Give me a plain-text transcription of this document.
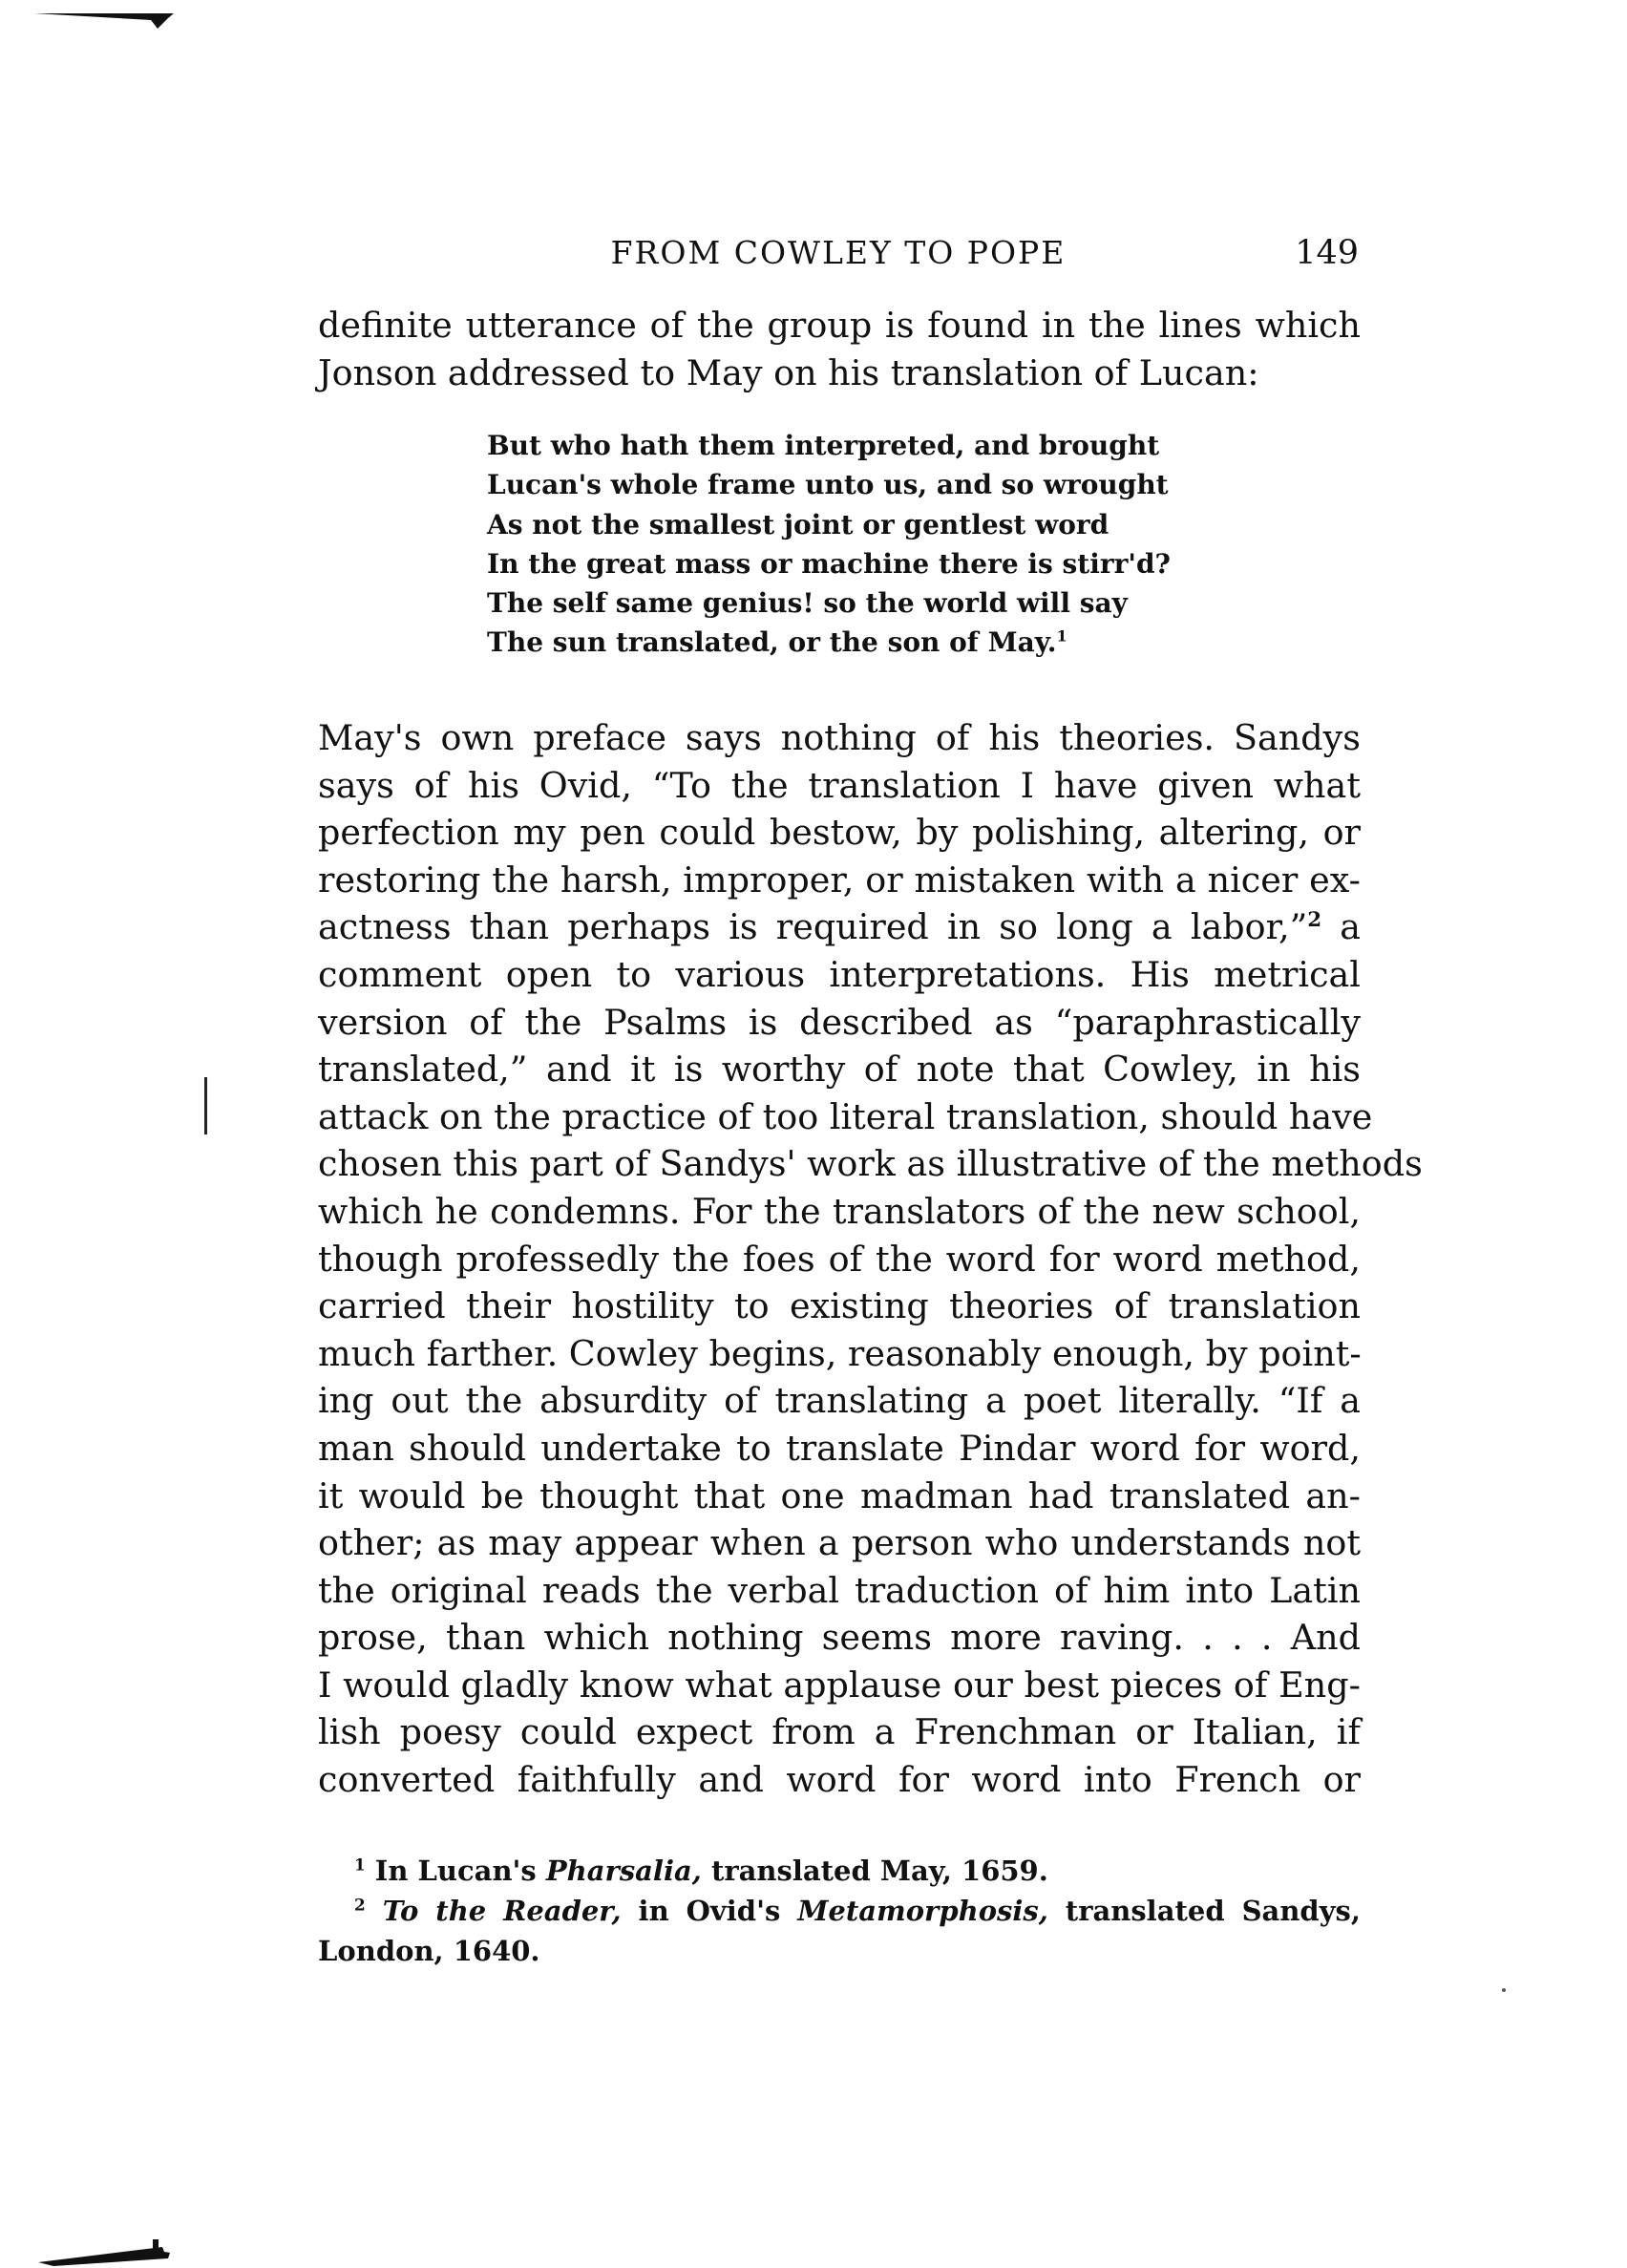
FROM COWLEY TO POPE	149
definite utterance of the group is found in the lines which
Jonson addressed to May on his translation of Lucan:
But who hath them interpreted, and brought
Lucan's whole frame unto us, and so wrought
As not the smallest joint or gentlest word
In the great mass or machine there is stirr'd?
The self same genius! so the world will say
The sun translated, or the son of May.$^1$
May's own preface says nothing of his theories. Sandys
says of his Ovid, “To the translation I have given what
perfection my pen could bestow, by polishing, altering, or
restoring the harsh, improper, or mistaken with a nicer ex-
actness than perhaps is required in so long a labor,”$^2$ a
comment open to various interpretations. His metrical
version of the Psalms is described as “paraphrastically
translated,” and it is worthy of note that Cowley, in his
attack on the practice of too literal translation, should have
chosen this part of Sandys' work as illustrative of the methods
which he condemns. For the translators of the new school,
though professedly the foes of the word for word method,
carried their hostility to existing theories of translation
much farther. Cowley begins, reasonably enough, by point-
ing out the absurdity of translating a poet literally. “If a
man should undertake to translate Pindar word for word,
it would be thought that one madman had translated an-
other; as may appear when a person who understands not
the original reads the verbal traduction of him into Latin
prose, than which nothing seems more raving. . . . And
I would gladly know what applause our best pieces of Eng-
lish poesy could expect from a Frenchman or Italian, if
converted faithfully and word for word into French or
$^1$ In Lucan's Pharsalia, translated May, 1659.
$^2$ To the Reader, in Ovid's Metamorphosis, translated Sandys,
London, 1640.
